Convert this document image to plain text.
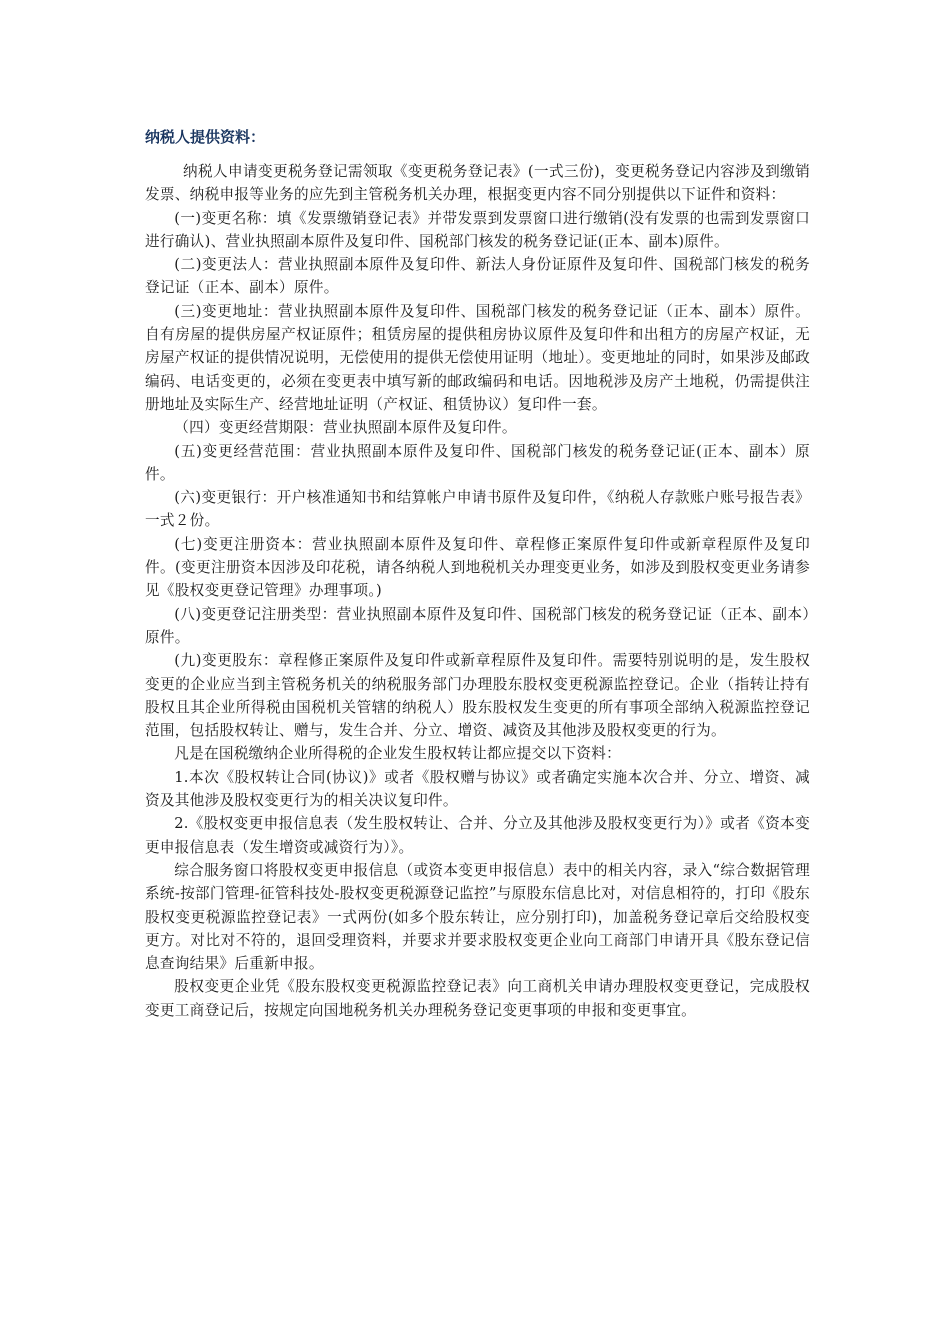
纳税人提供资料：

纳税人申请变更税务登记需领取《变更税务登记表》(一式三份)，变更税务登记内容涉及到缴销发票、纳税申报等业务的应先到主管税务机关办理，根据变更内容不同分别提供以下证件和资料：

(一)变更名称：填《发票缴销登记表》并带发票到发票窗口进行缴销(没有发票的也需到发票窗口进行确认)、营业执照副本原件及复印件、国税部门核发的税务登记证(正本、副本)原件。

(二)变更法人：营业执照副本原件及复印件、新法人身份证原件及复印件、国税部门核发的税务登记证（正本、副本）原件。

(三)变更地址：营业执照副本原件及复印件、国税部门核发的税务登记证（正本、副本）原件。自有房屋的提供房屋产权证原件；租赁房屋的提供租房协议原件及复印件和出租方的房屋产权证，无房屋产权证的提供情况说明，无偿使用的提供无偿使用证明（地址）。变更地址的同时，如果涉及邮政编码、电话变更的，必须在变更表中填写新的邮政编码和电话。因地税涉及房产土地税，仍需提供注册地址及实际生产、经营地址证明（产权证、租赁协议）复印件一套。

（四）变更经营期限：营业执照副本原件及复印件。

(五)变更经营范围：营业执照副本原件及复印件、国税部门核发的税务登记证(正本、副本）原件。

(六)变更银行：开户核准通知书和结算帐户申请书原件及复印件，《纳税人存款账户账号报告表》一式２份。

(七)变更注册资本：营业执照副本原件及复印件、章程修正案原件复印件或新章程原件及复印件。(变更注册资本因涉及印花税，请各纳税人到地税机关办理变更业务，如涉及到股权变更业务请参见《股权变更登记管理》办理事项。)

(八)变更登记注册类型：营业执照副本原件及复印件、国税部门核发的税务登记证（正本、副本）原件。

(九)变更股东：章程修正案原件及复印件或新章程原件及复印件。需要特别说明的是，发生股权变更的企业应当到主管税务机关的纳税服务部门办理股东股权变更税源监控登记。企业（指转让持有股权且其企业所得税由国税机关管辖的纳税人）股东股权发生变更的所有事项全部纳入税源监控登记范围，包括股权转让、赠与，发生合并、分立、增资、减资及其他涉及股权变更的行为。

凡是在国税缴纳企业所得税的企业发生股权转让都应提交以下资料：

1.本次《股权转让合同(协议)》或者《股权赠与协议》或者确定实施本次合并、分立、增资、减资及其他涉及股权变更行为的相关决议复印件。

2.《股权变更申报信息表（发生股权转让、合并、分立及其他涉及股权变更行为）》或者《资本变更申报信息表（发生增资或减资行为）》。

综合服务窗口将股权变更申报信息（或资本变更申报信息）表中的相关内容，录入“综合数据管理系统-按部门管理-征管科技处-股权变更税源登记监控”与原股东信息比对，对信息相符的，打印《股东股权变更税源监控登记表》一式两份(如多个股东转让，应分别打印)，加盖税务登记章后交给股权变更方。对比对不符的，退回受理资料，并要求并要求股权变更企业向工商部门申请开具《股东登记信息查询结果》后重新申报。

股权变更企业凭《股东股权变更税源监控登记表》向工商机关申请办理股权变更登记，完成股权变更工商登记后，按规定向国地税务机关办理税务登记变更事项的申报和变更事宜。
